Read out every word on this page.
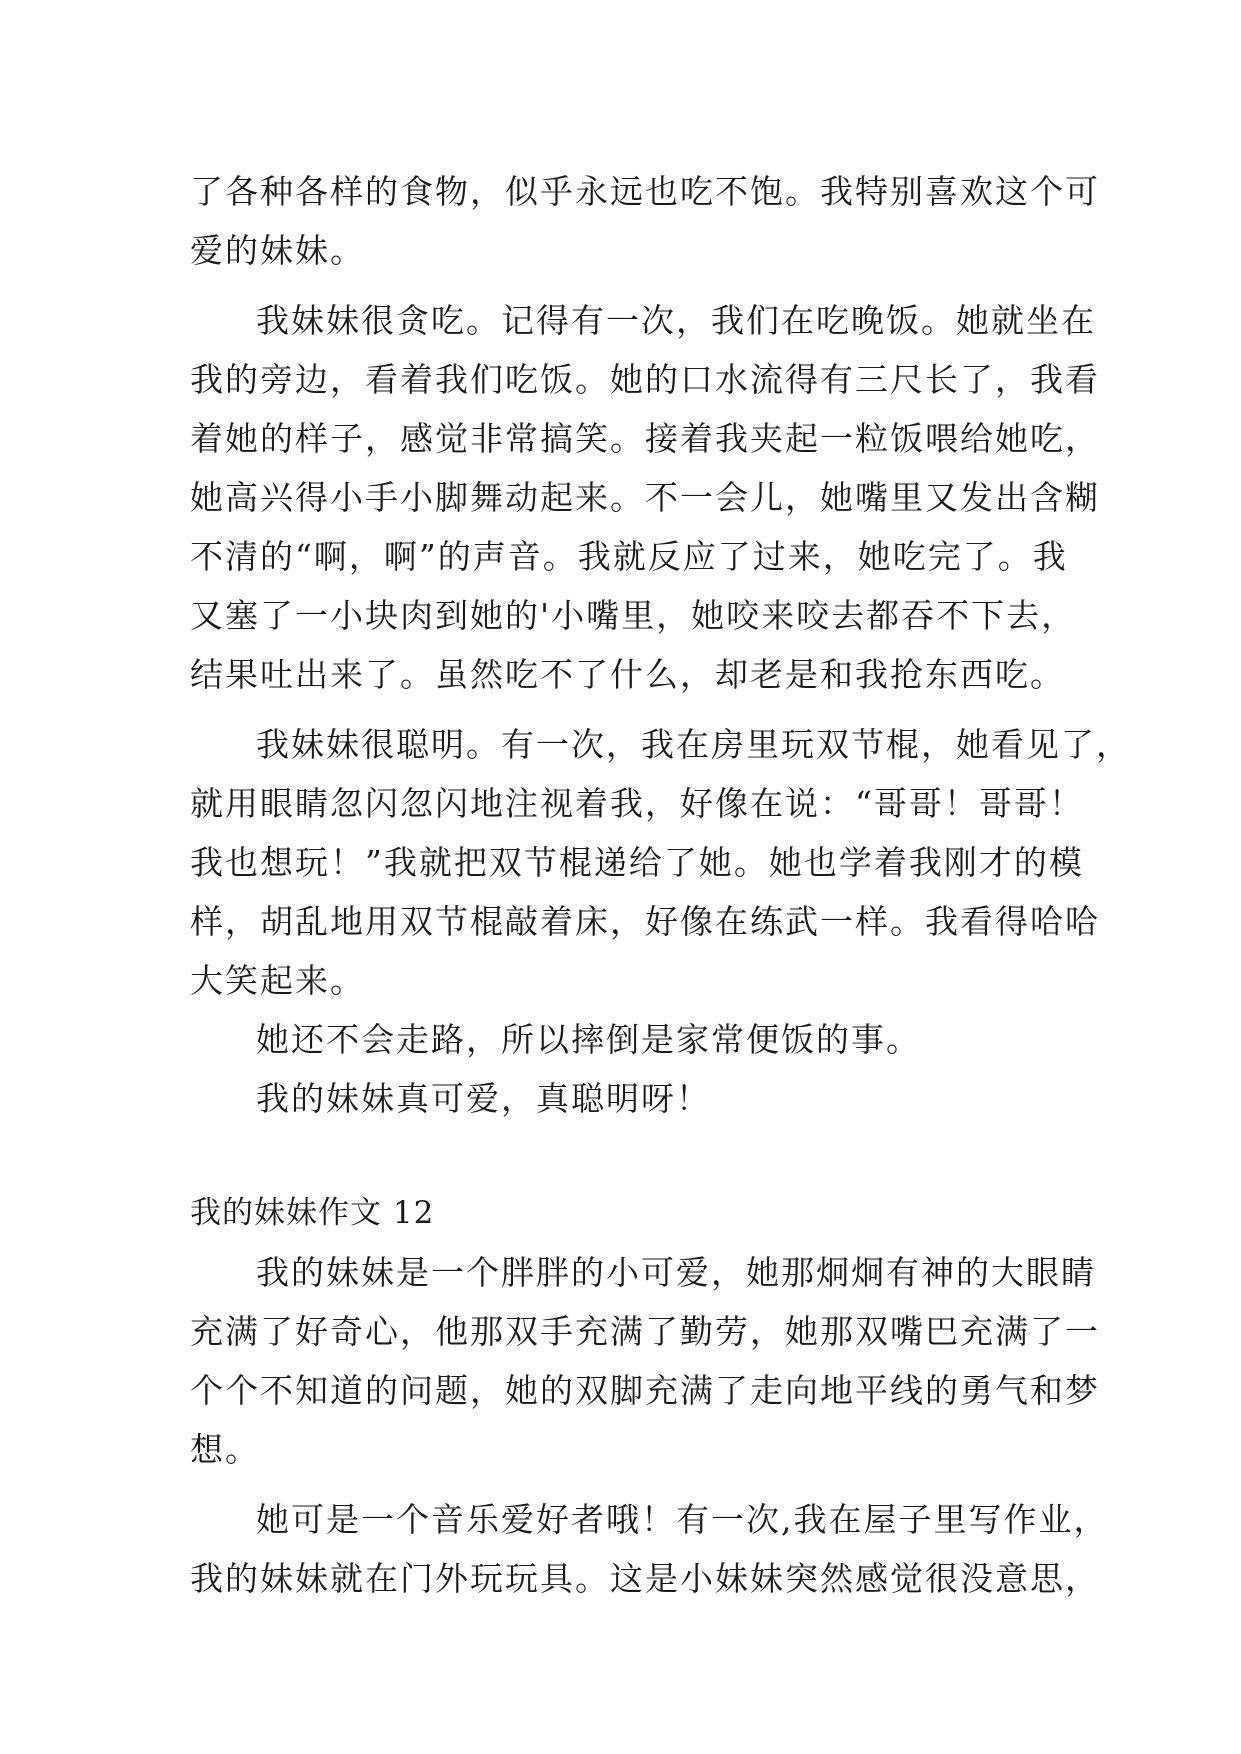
了各种各样的食物，似乎永远也吃不饱。我特别喜欢这个可
爱的妹妹。
我妹妹很贪吃。记得有一次，我们在吃晚饭。她就坐在
我的旁边，看着我们吃饭。她的口水流得有三尺长了，我看
着她的样子，感觉非常搞笑。接着我夹起一粒饭喂给她吃，
她高兴得小手小脚舞动起来。不一会儿，她嘴里又发出含糊
不清的“啊，啊”的声音。我就反应了过来，她吃完了。我
又塞了一小块肉到她的'小嘴里，她咬来咬去都吞不下去，
结果吐出来了。虽然吃不了什么，却老是和我抢东西吃。
我妹妹很聪明。有一次，我在房里玩双节棍，她看见了，
就用眼睛忽闪忽闪地注视着我，好像在说：“哥哥！哥哥！
我也想玩！”我就把双节棍递给了她。她也学着我刚才的模
样，胡乱地用双节棍敲着床，好像在练武一样。我看得哈哈
大笑起来。
她还不会走路，所以摔倒是家常便饭的事。
我的妹妹真可爱，真聪明呀！
我的妹妹作文 12
我的妹妹是一个胖胖的小可爱，她那炯炯有神的大眼睛
充满了好奇心，他那双手充满了勤劳，她那双嘴巴充满了一
个个不知道的问题，她的双脚充满了走向地平线的勇气和梦
想。
她可是一个音乐爱好者哦！有一次,我在屋子里写作业，
我的妹妹就在门外玩玩具。这是小妹妹突然感觉很没意思，
